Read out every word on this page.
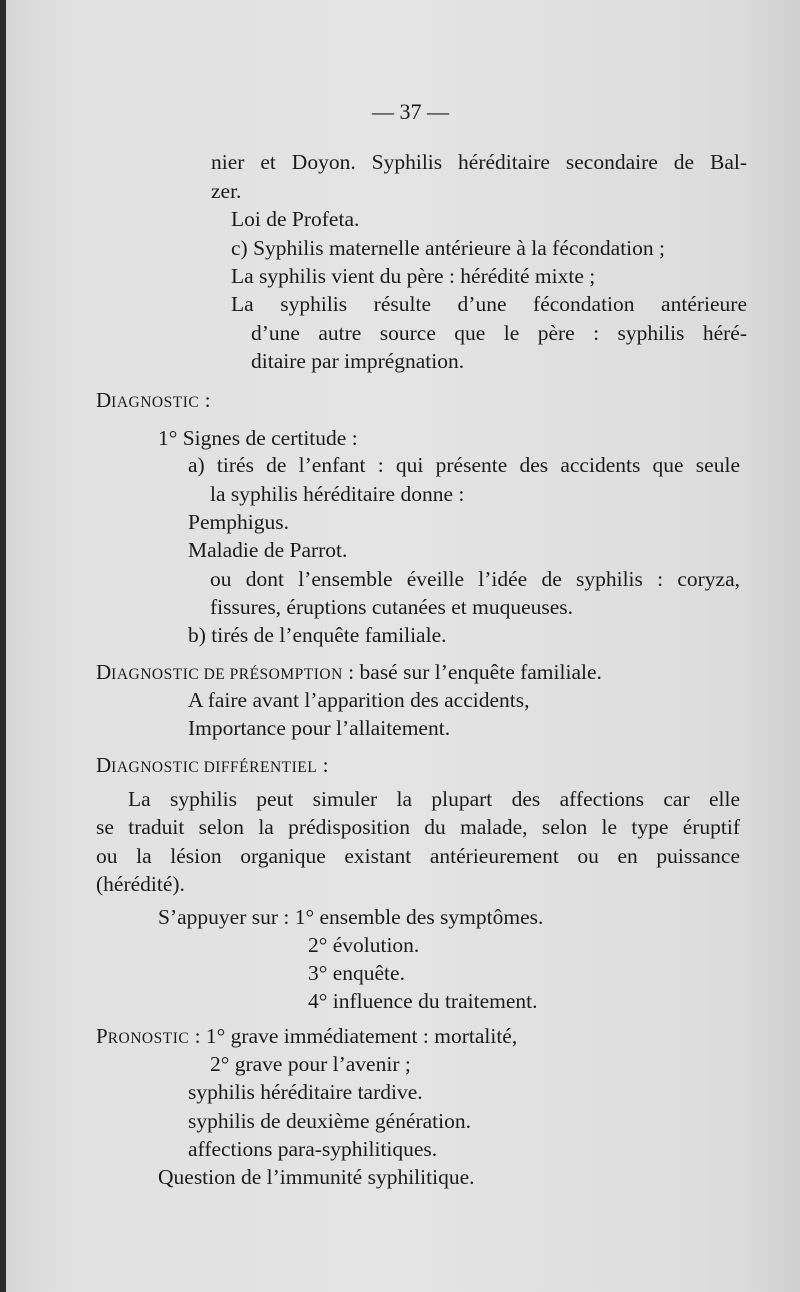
— 37 —
nier et Doyon. Syphilis héréditaire secondaire de Bal-
zer.
Loi de Profeta.
c) Syphilis maternelle antérieure à la fécondation ;
La syphilis vient du père : hérédité mixte ;
La syphilis résulte d’une fécondation antérieure
d’une autre source que le père : syphilis héré-
ditaire par imprégnation.
DIAGNOSTIC :
1° Signes de certitude :
a) tirés de l’enfant : qui présente des accidents que seule
la syphilis héréditaire donne :
Pemphigus.
Maladie de Parrot.
ou dont l’ensemble éveille l’idée de syphilis : coryza,
fissures, éruptions cutanées et muqueuses.
b) tirés de l’enquête familiale.
DIAGNOSTIC DE PRÉSOMPTION : basé sur l’enquête familiale.
A faire avant l’apparition des accidents,
Importance pour l’allaitement.
DIAGNOSTIC DIFFÉRENTIEL :
La syphilis peut simuler la plupart des affections car elle
se traduit selon la prédisposition du malade, selon le type éruptif
ou la lésion organique existant antérieurement ou en puissance
(hérédité).
S’appuyer sur : 1° ensemble des symptômes.
2° évolution.
3° enquête.
4° influence du traitement.
PRONOSTIC : 1° grave immédiatement : mortalité,
2° grave pour l’avenir ;
syphilis héréditaire tardive.
syphilis de deuxième génération.
affections para-syphilitiques.
Question de l’immunité syphilitique.
